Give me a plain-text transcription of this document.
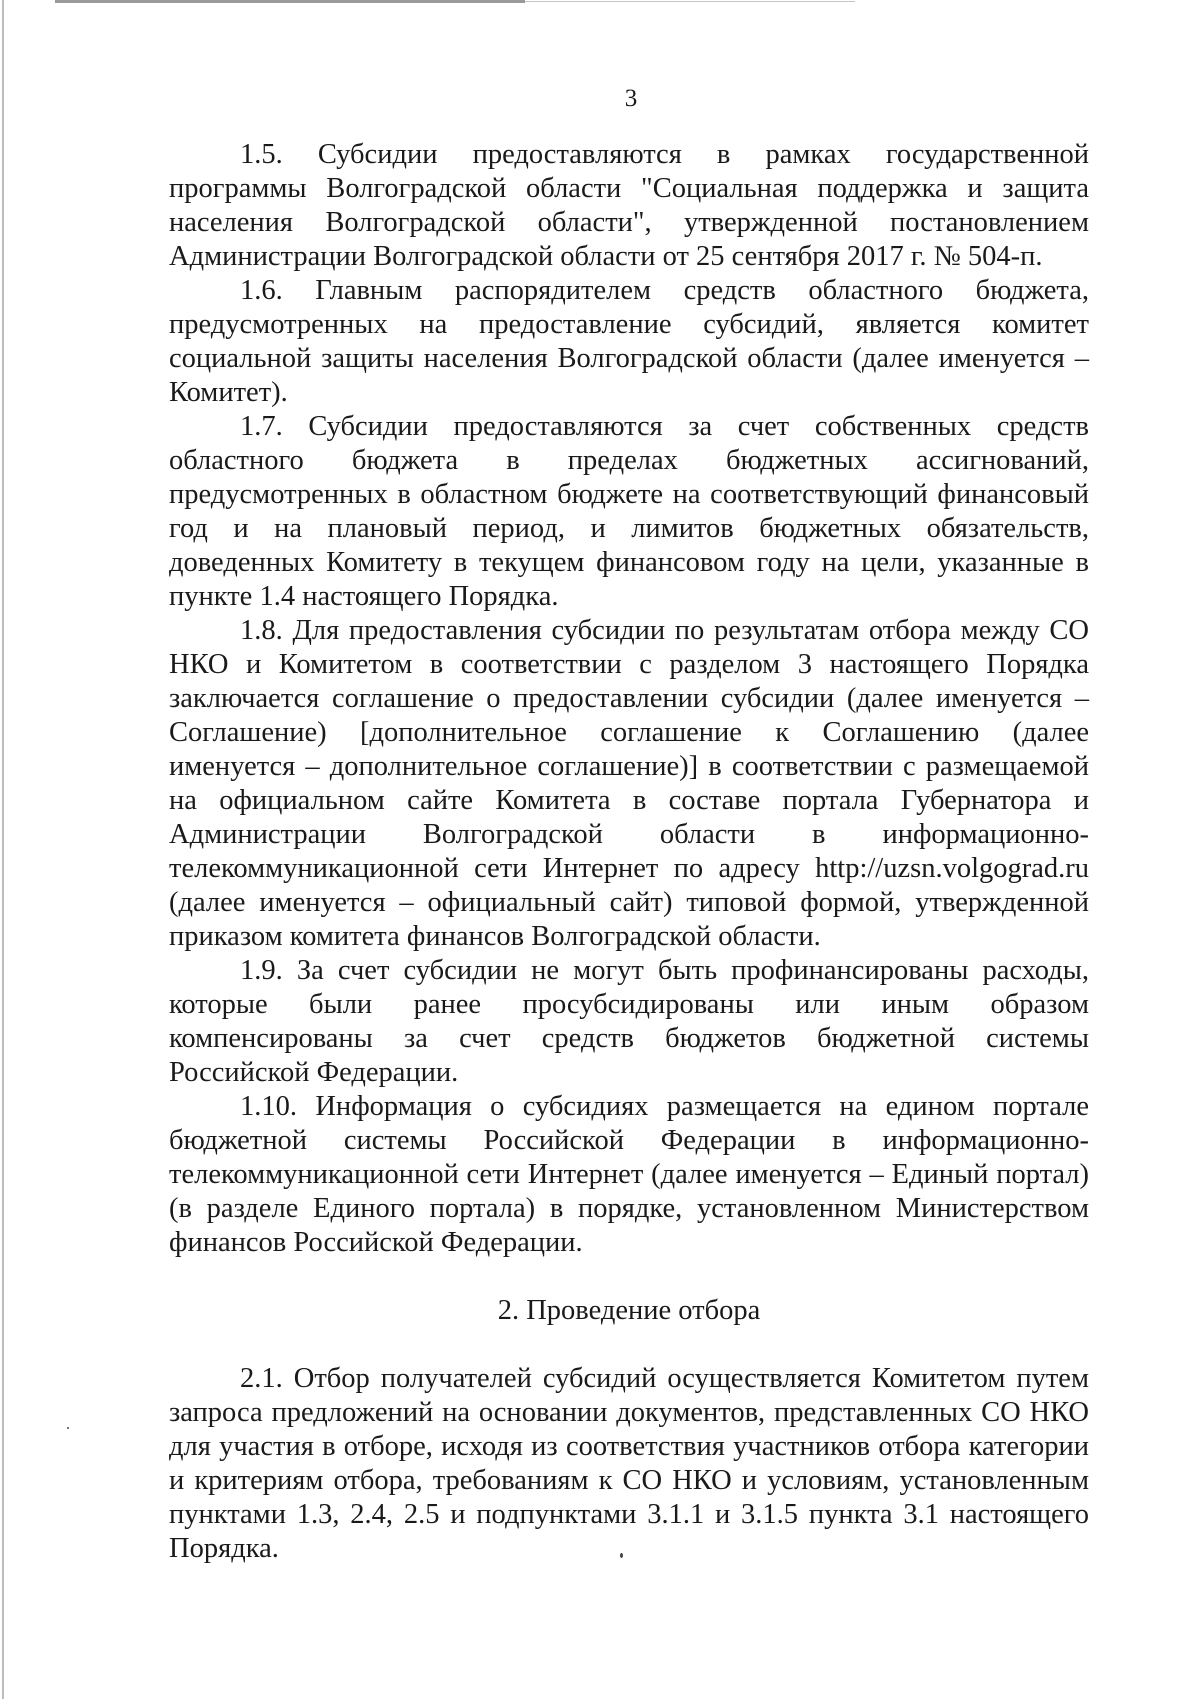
3

1.5. Субсидии предоставляются в рамках государственной программы Волгоградской области "Социальная поддержка и защита населения Волгоградской области", утвержденной постановлением Администрации Волгоградской области от 25 сентября 2017 г. № 504-п.

1.6. Главным распорядителем средств областного бюджета, предусмотренных на предоставление субсидий, является комитет социальной защиты населения Волгоградской области (далее именуется – Комитет).

1.7. Субсидии предоставляются за счет собственных средств областного бюджета в пределах бюджетных ассигнований, предусмотренных в областном бюджете на соответствующий финансовый год и на плановый период, и лимитов бюджетных обязательств, доведенных Комитету в текущем финансовом году на цели, указанные в пункте 1.4 настоящего Порядка.

1.8. Для предоставления субсидии по результатам отбора между СО НКО и Комитетом в соответствии с разделом 3 настоящего Порядка заключается соглашение о предоставлении субсидии (далее именуется – Соглашение) [дополнительное соглашение к Соглашению (далее именуется – дополнительное соглашение)] в соответствии с размещаемой на официальном сайте Комитета в составе портала Губернатора и Администрации Волгоградской области в информационно-телекоммуникационной сети Интернет по адресу http://uzsn.volgograd.ru (далее именуется – официальный сайт) типовой формой, утвержденной приказом комитета финансов Волгоградской области.

1.9. За счет субсидии не могут быть профинансированы расходы, которые были ранее просубсидированы или иным образом компенсированы за счет средств бюджетов бюджетной системы Российской Федерации.

1.10. Информация о субсидиях размещается на едином портале бюджетной системы Российской Федерации в информационно-телекоммуникационной сети Интернет (далее именуется – Единый портал) (в разделе Единого портала) в порядке, установленном Министерством финансов Российской Федерации.

2. Проведение отбора

2.1. Отбор получателей субсидий осуществляется Комитетом путем запроса предложений на основании документов, представленных СО НКО для участия в отборе, исходя из соответствия участников отбора категории и критериям отбора, требованиям к СО НКО и условиям, установленным пунктами 1.3, 2.4, 2.5 и подпунктами 3.1.1 и 3.1.5 пункта 3.1 настоящего Порядка.
